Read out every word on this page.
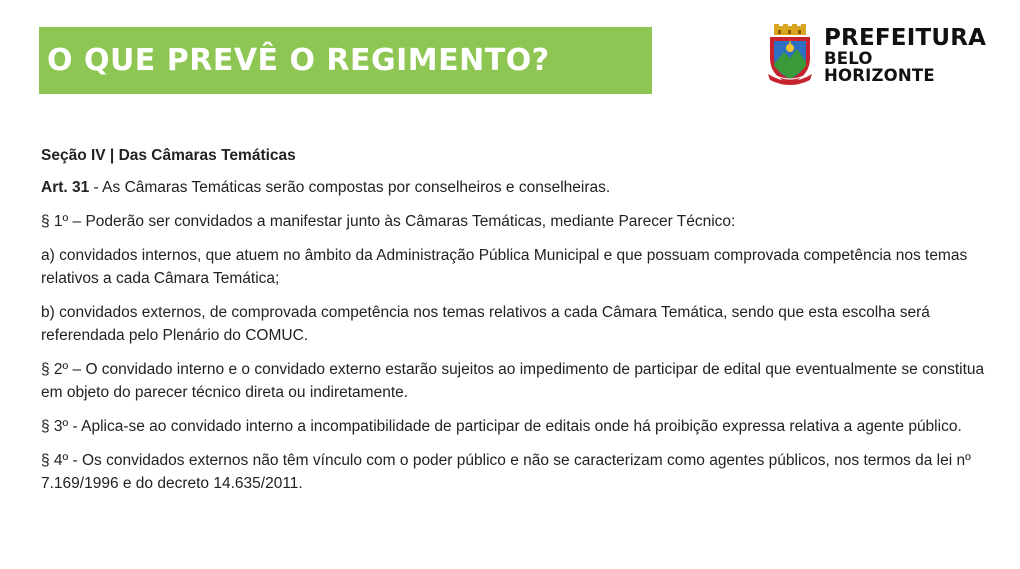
O QUE PREVÊ O REGIMENTO?
PREFEITURA
BELO HORIZONTE

Seção IV | Das Câmaras Temáticas

Art. 31 - As Câmaras Temáticas serão compostas por conselheiros e conselheiras.

§ 1º – Poderão ser convidados a manifestar junto às Câmaras Temáticas, mediante Parecer Técnico:

a) convidados internos, que atuem no âmbito da Administração Pública Municipal e que possuam comprovada competência nos temas relativos a cada Câmara Temática;

b) convidados externos, de comprovada competência nos temas relativos a cada Câmara Temática, sendo que esta escolha será referendada pelo Plenário do COMUC.

§ 2º – O convidado interno e o convidado externo estarão sujeitos ao impedimento de participar de edital que eventualmente se constitua em objeto do parecer técnico direta ou indiretamente.

§ 3º - Aplica-se ao convidado interno a incompatibilidade de participar de editais onde há proibição expressa relativa a agente público.

§ 4º - Os convidados externos não têm vínculo com o poder público e não se caracterizam como agentes públicos, nos termos da lei nº 7.169/1996 e do decreto 14.635/2011.
